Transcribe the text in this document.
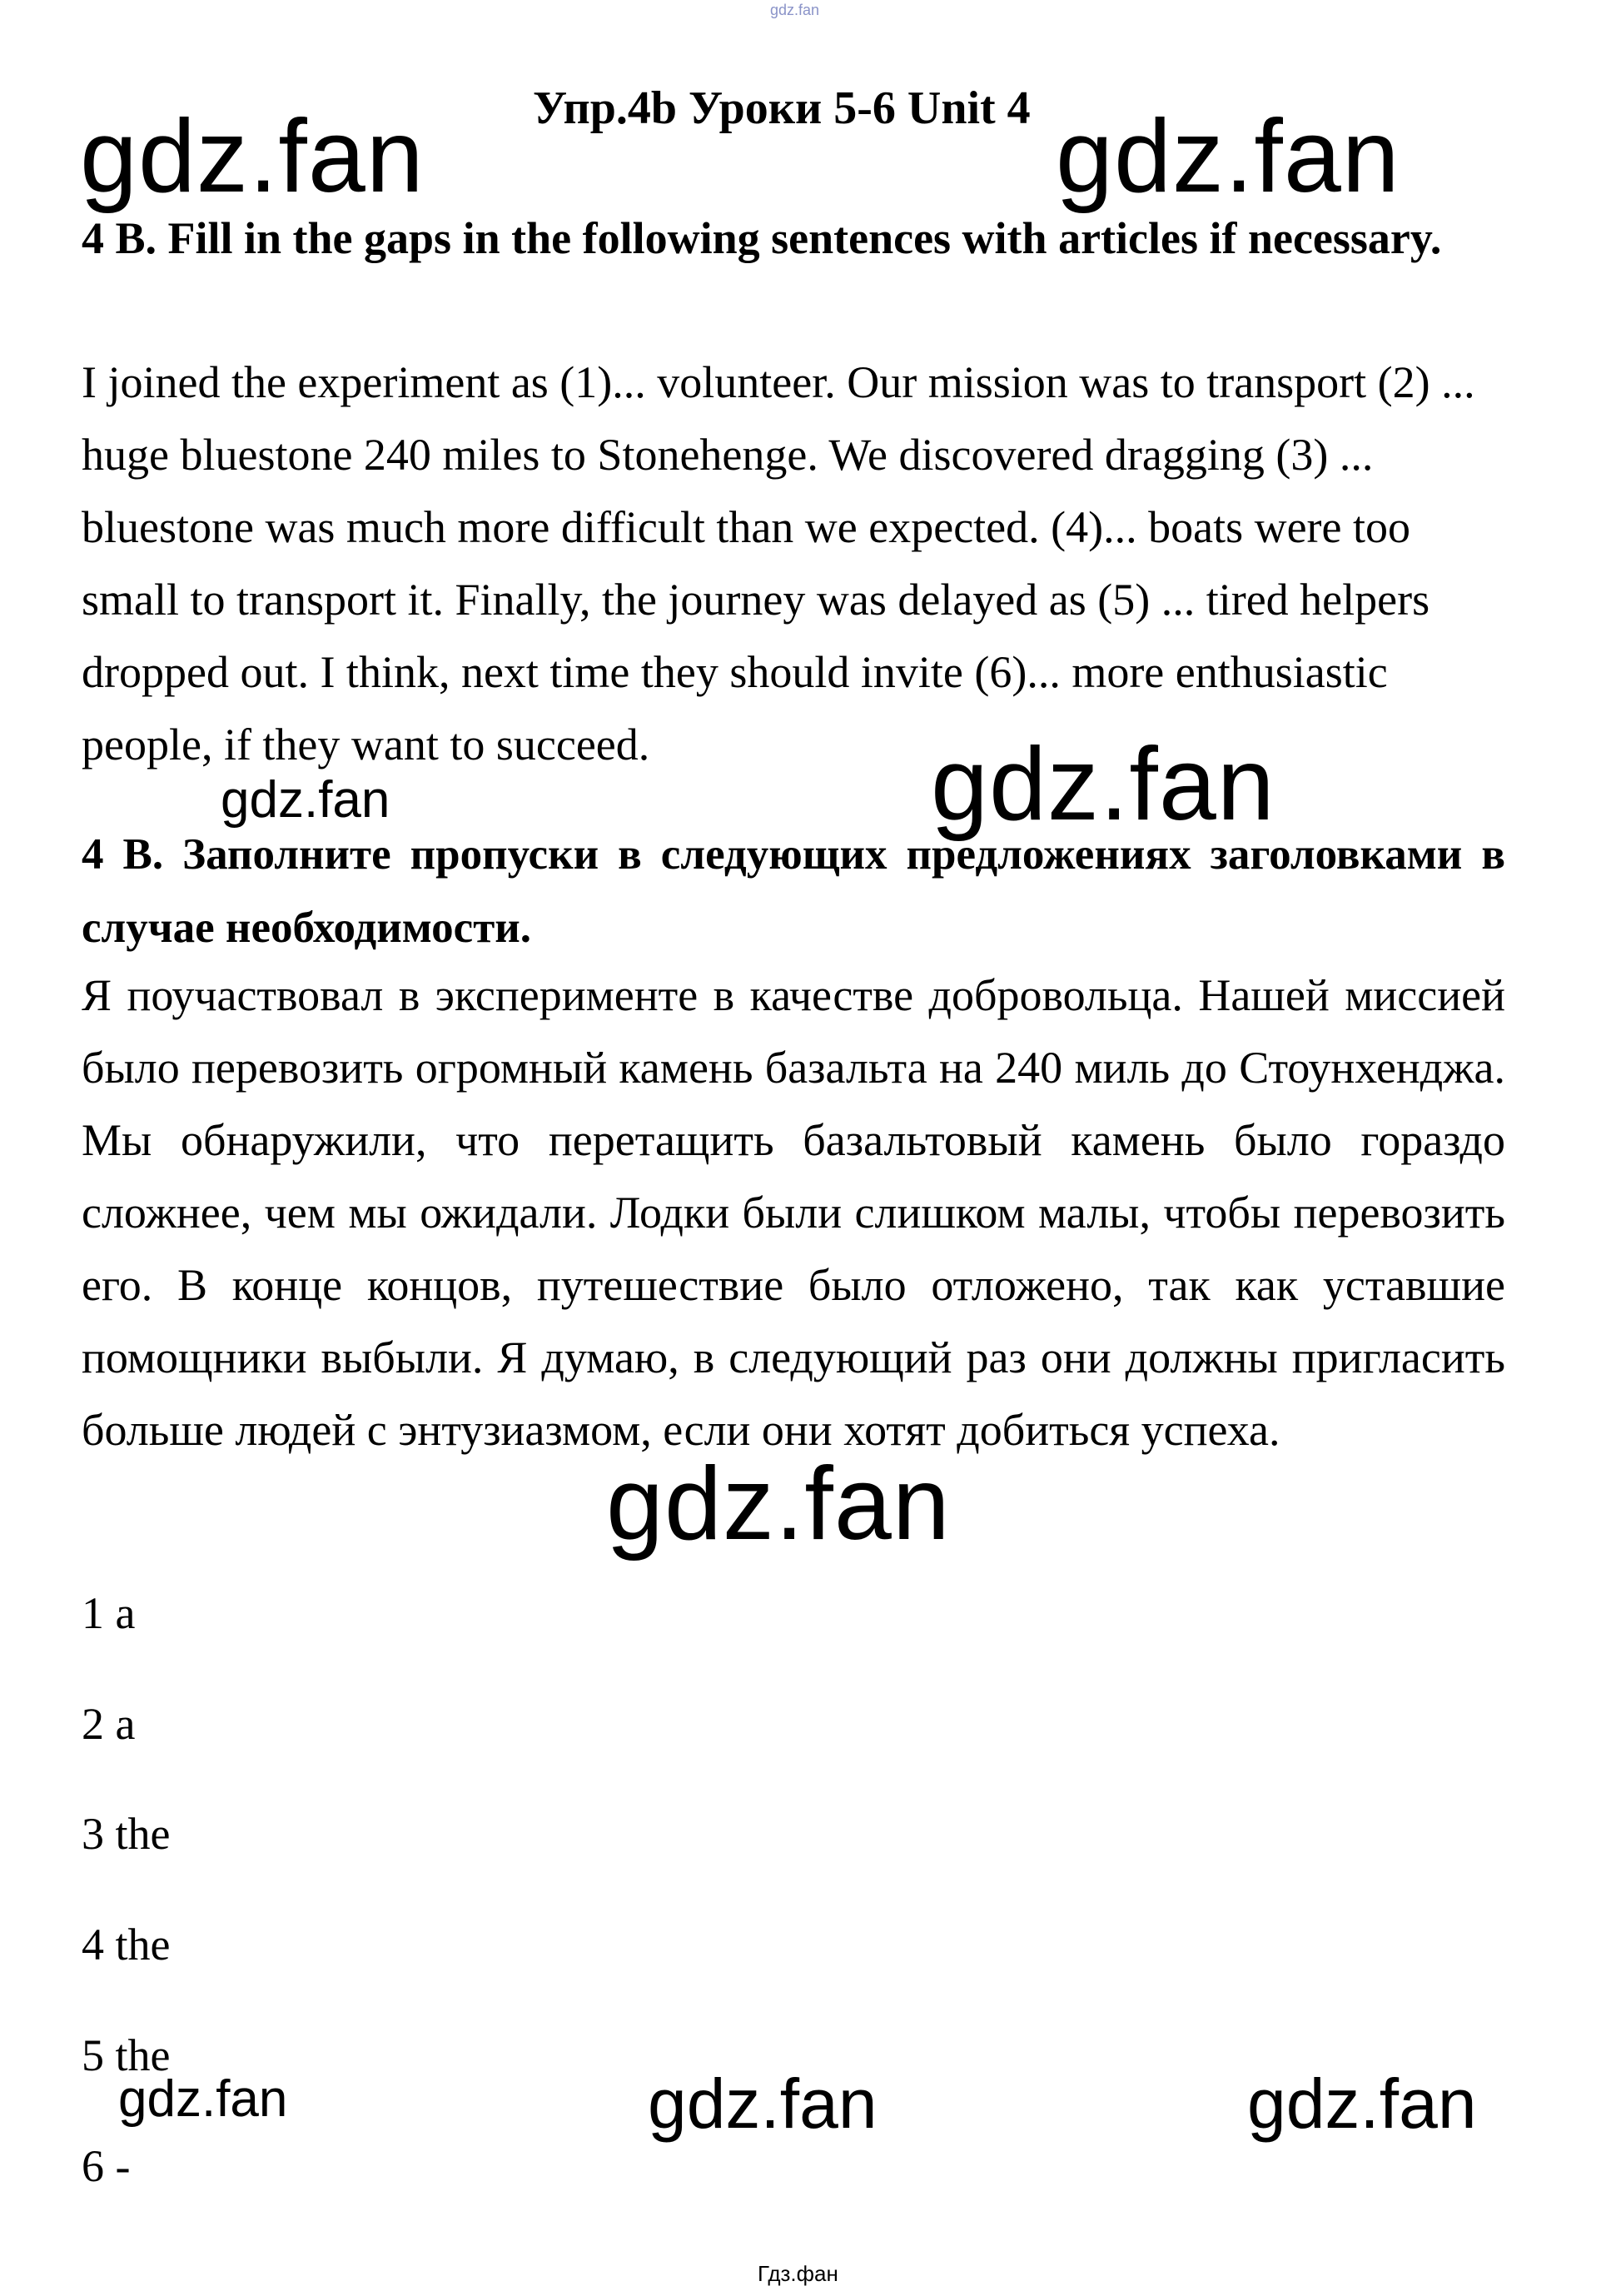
gdz.fan
Упр.4b Уроки 5-6 Unit 4
gdz.fan	gdz.fan
4 B. Fill in the gaps in the following sentences with articles if necessary.
I joined the experiment as (1)... volunteer. Our mission was to transport (2) ... huge bluestone 240 miles to Stonehenge. We discovered dragging (3) ... bluestone was much more difficult than we expected. (4)... boats were too small to transport it. Finally, the journey was delayed as (5) ... tired helpers dropped out. I think, next time they should invite (6)... more enthusiastic people, if they want to succeed.	gdz.fan
gdz.fan
4 B. Заполните пропуски в следующих предложениях заголовками в случае необходимости.
Я поучаствовал в эксперименте в качестве добровольца. Нашей миссией было перевозить огромный камень базальта на 240 миль до Стоунхенджа. Мы обнаружили, что перетащить базальтовый камень было гораздо сложнее, чем мы ожидали. Лодки были слишком малы, чтобы перевозить его. В конце концов, путешествие было отложено, так как уставшие помощники выбыли. Я думаю, в следующий раз они должны пригласить больше людей с энтузиазмом, если они хотят добиться успеха.
gdz.fan
1 a
2 a
3 the
4 the
5 the
6 -
gdz.fan	gdz.fan	gdz.fan
Гдз.фан
